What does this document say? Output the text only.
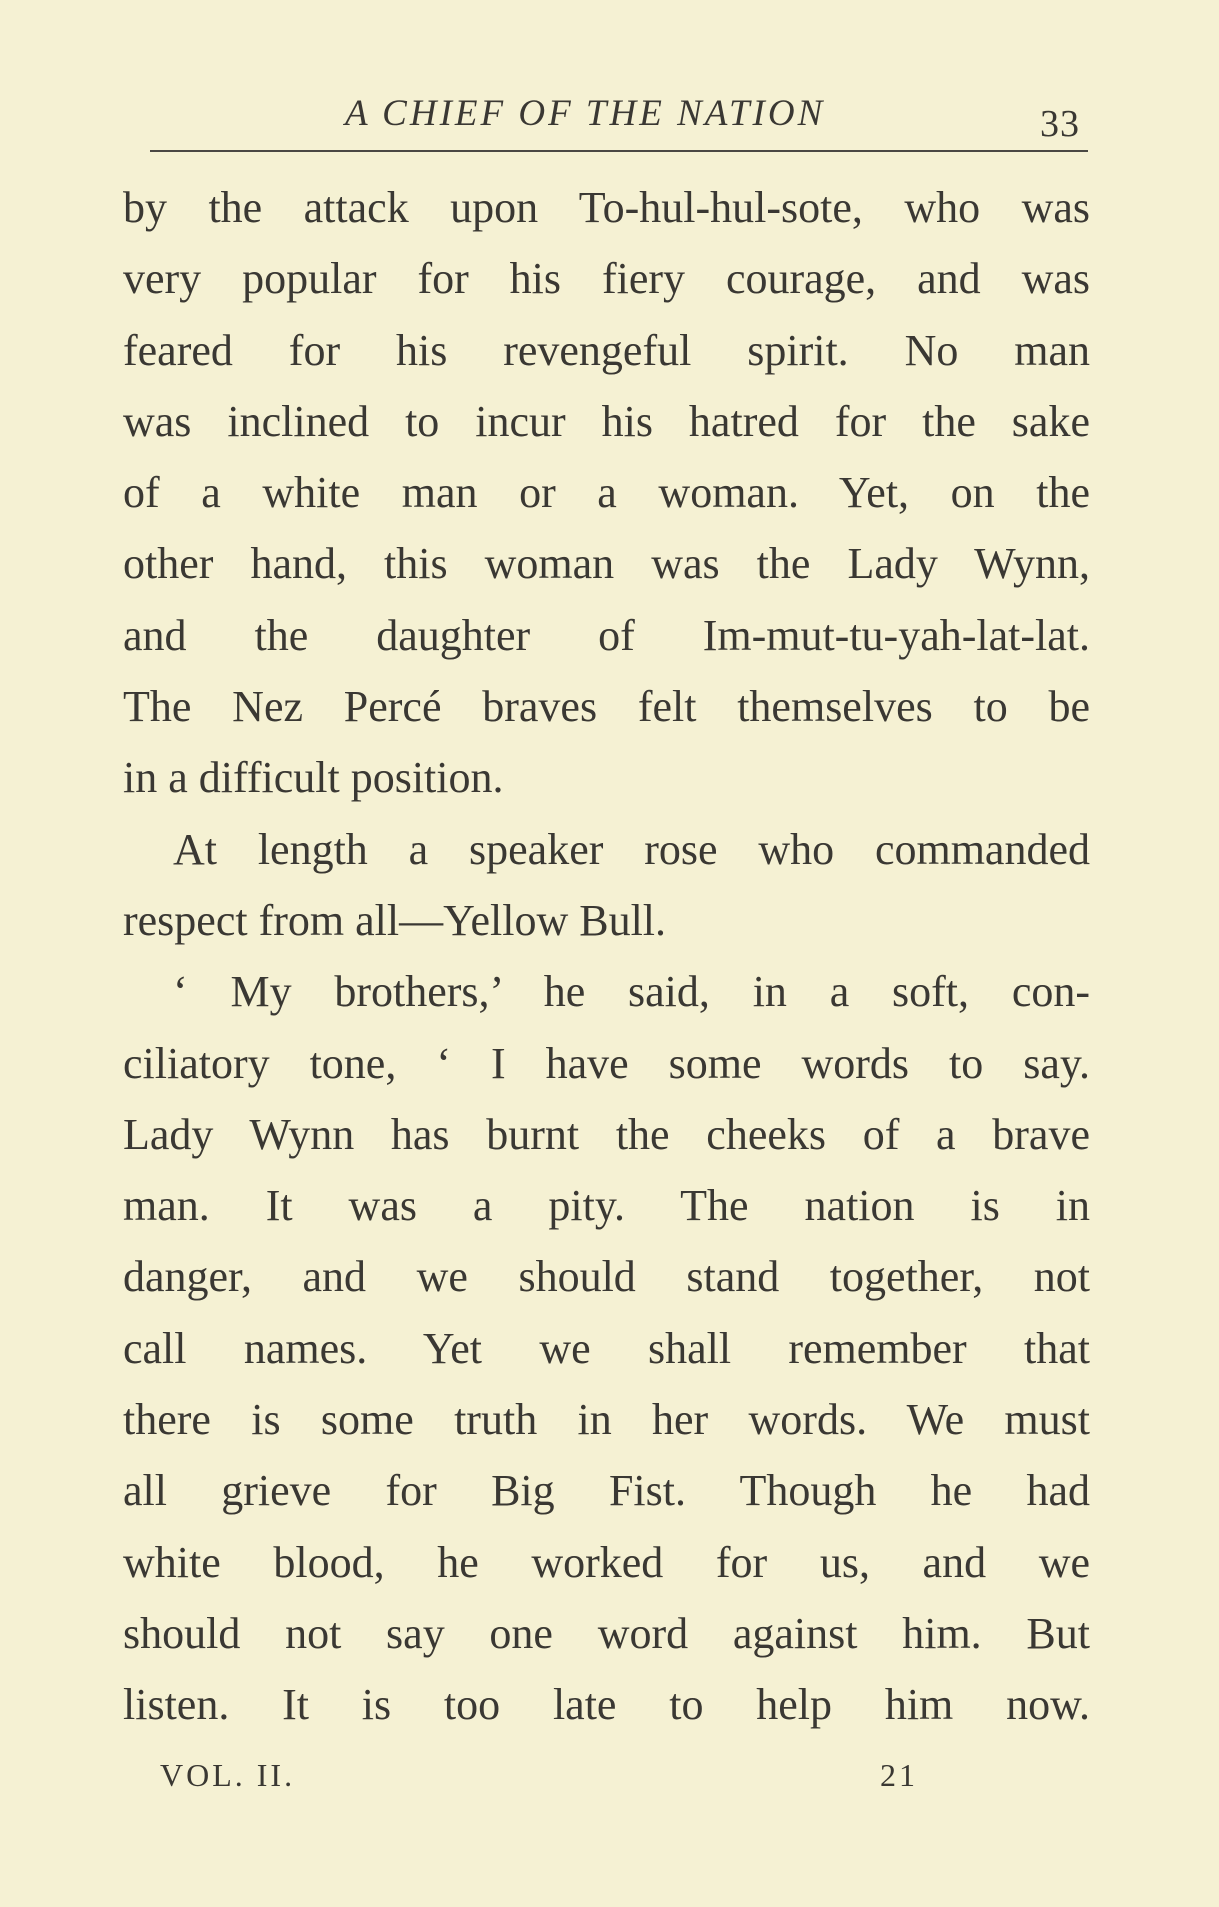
A CHIEF OF THE NATION	33
by the attack upon To-hul-hul-sote, who was
very popular for his fiery courage, and was
feared for his revengeful spirit. No man
was inclined to incur his hatred for the sake
of a white man or a woman. Yet, on the
other hand, this woman was the Lady Wynn,
and the daughter of Im-mut-tu-yah-lat-lat.
The Nez Percé braves felt themselves to be
in a difficult position.
At length a speaker rose who commanded
respect from all—Yellow Bull.
‘ My brothers,’ he said, in a soft, con-
ciliatory tone, ‘ I have some words to say.
Lady Wynn has burnt the cheeks of a brave
man. It was a pity. The nation is in
danger, and we should stand together, not
call names. Yet we shall remember that
there is some truth in her words. We must
all grieve for Big Fist. Though he had
white blood, he worked for us, and we
should not say one word against him. But
listen. It is too late to help him now.
VOL. II.	21
